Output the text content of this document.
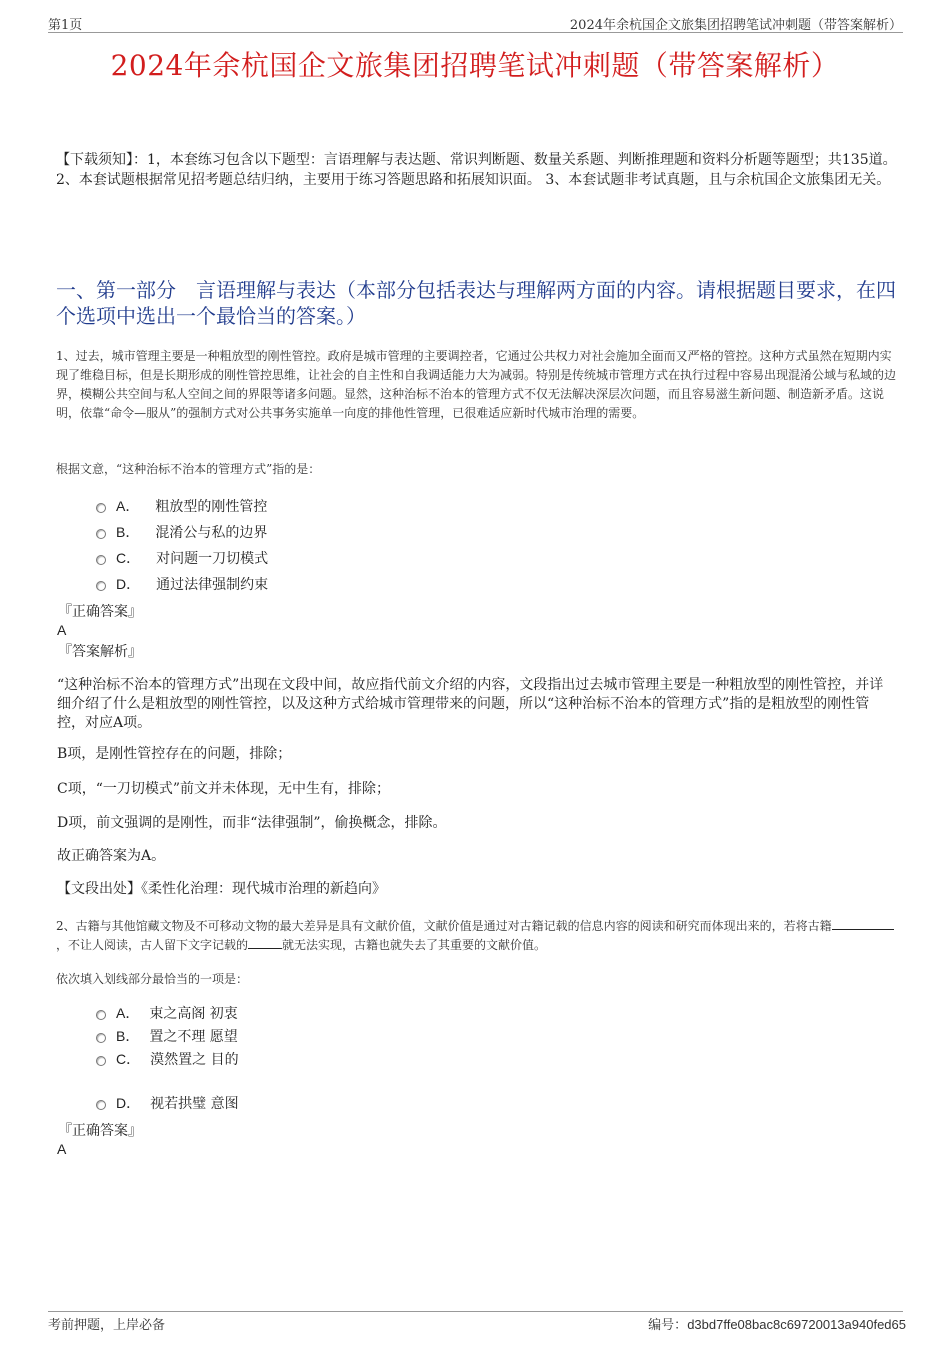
第1页	2024年余杭国企文旅集团招聘笔试冲刺题（带答案解析）
2024年余杭国企文旅集团招聘笔试冲刺题（带答案解析）
【下载须知】：1，本套练习包含以下题型：言语理解与表达题、常识判断题、数量关系题、判断推理题和资料分析题等题型；共135道。 2、本套试题根据常见招考题总结归纳，主要用于练习答题思路和拓展知识面。 3、本套试题非考试真题，且与余杭国企文旅集团无关。
一、第一部分　言语理解与表达（本部分包括表达与理解两方面的内容。请根据题目要求，在四个选项中选出一个最恰当的答案。）
1、过去，城市管理主要是一种粗放型的刚性管控。政府是城市管理的主要调控者，它通过公共权力对社会施加全面而又严格的管控。这种方式虽然在短期内实现了维稳目标，但是长期形成的刚性管控思维，让社会的自主性和自我调适能力大为减弱。特别是传统城市管理方式在执行过程中容易出现混淆公域与私域的边界，模糊公共空间与私人空间之间的界限等诸多问题。显然，这种治标不治本的管理方式不仅无法解决深层次问题，而且容易滋生新问题、制造新矛盾。这说明，依靠“命令—服从”的强制方式对公共事务实施单一向度的排他性管理，已很难适应新时代城市治理的需要。
根据文意，“这种治标不治本的管理方式”指的是：
A． 粗放型的刚性管控
B． 混淆公与私的边界
C． 对问题一刀切模式
D． 通过法律强制约束
『正确答案』
A
『答案解析』
“这种治标不治本的管理方式”出现在文段中间，故应指代前文介绍的内容，文段指出过去城市管理主要是一种粗放型的刚性管控，并详细介绍了什么是粗放型的刚性管控，以及这种方式给城市管理带来的问题，所以“这种治标不治本的管理方式”指的是粗放型的刚性管控，对应A项。
B项，是刚性管控存在的问题，排除；
C项，“一刀切模式”前文并未体现，无中生有，排除；
D项，前文强调的是刚性，而非“法律强制”，偷换概念，排除。
故正确答案为A。
【文段出处】《柔性化治理：现代城市治理的新趋向》
2、古籍与其他馆藏文物及不可移动文物的最大差异是具有文献价值，文献价值是通过对古籍记载的信息内容的阅读和研究而体现出来的，若将古籍，不让人阅读，古人留下文字记载的	就无法实现，古籍也就失去了其重要的文献价值。
依次填入划线部分最恰当的一项是：
A． 束之高阁 初衷
B． 置之不理 愿望
C． 漠然置之 目的
D． 视若拱璧 意图
『正确答案』
A
考前押题，上岸必备	编号：d3bd7ffe08bac8c69720013a940fed65
